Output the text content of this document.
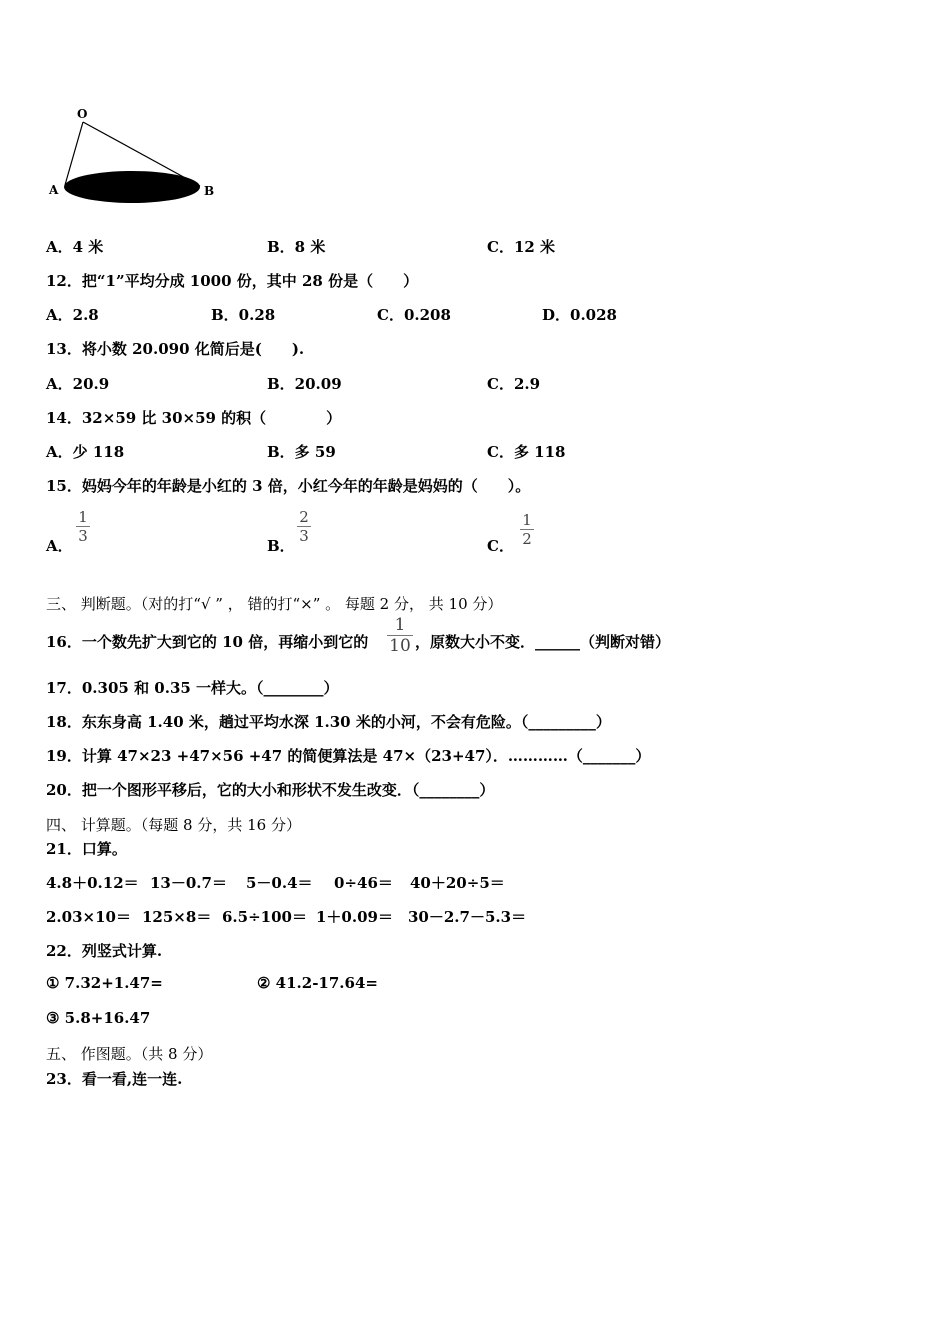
O
A	B
A．4 米	B．8 米	C．12 米
12．把“1”平均分成 1000 份，其中 28 份是（　　）
A．2.8	B．0.28	C．0.208	D．0.028
13．将小数 20.090 化简后是(　　).
A．20.9	B．20.09	C．2.9
14．32×59 比 30×59 的积（　　　　）
A．少 118	B．多 59	C．多 118
15．妈妈今年的年龄是小红的 3 倍，小红今年的年龄是妈妈的（　　）。
A．
1
3
B．
2
3
C．
1
2
三、 判断题。（对的打“√ ” ， 错的打“×” 。 每题 2 分， 共 10 分）
16．一个数先扩大到它的 10 倍，再缩小到它的
1
10 ，原数大小不变．______（判断对错）
17．0.305 和 0.35 一样大。（________）
18．东东身高 1.40 米，趟过平均水深 1.30 米的小河，不会有危险。（_________）
19．计算 47×23 +47×56 +47 的简便算法是 47×（23+47）．…………（_______）
20．把一个图形平移后，它的大小和形状不发生改变．（________）
四、 计算题。（每题 8 分，共 16 分）
21．口算。
4.8＋0.12＝ 13－0.7＝ 5－0.4＝ 0÷46＝ 40＋20÷5＝
2.03×10＝ 125×8＝ 6.5÷100＝ 1＋0.09＝ 30－2.7－5.3＝
22．列竖式计算.
① 7.32+1.47=	② 41.2-17.64=
③ 5.8+16.47
五、 作图题。（共 8 分）
23．看一看,连一连.
